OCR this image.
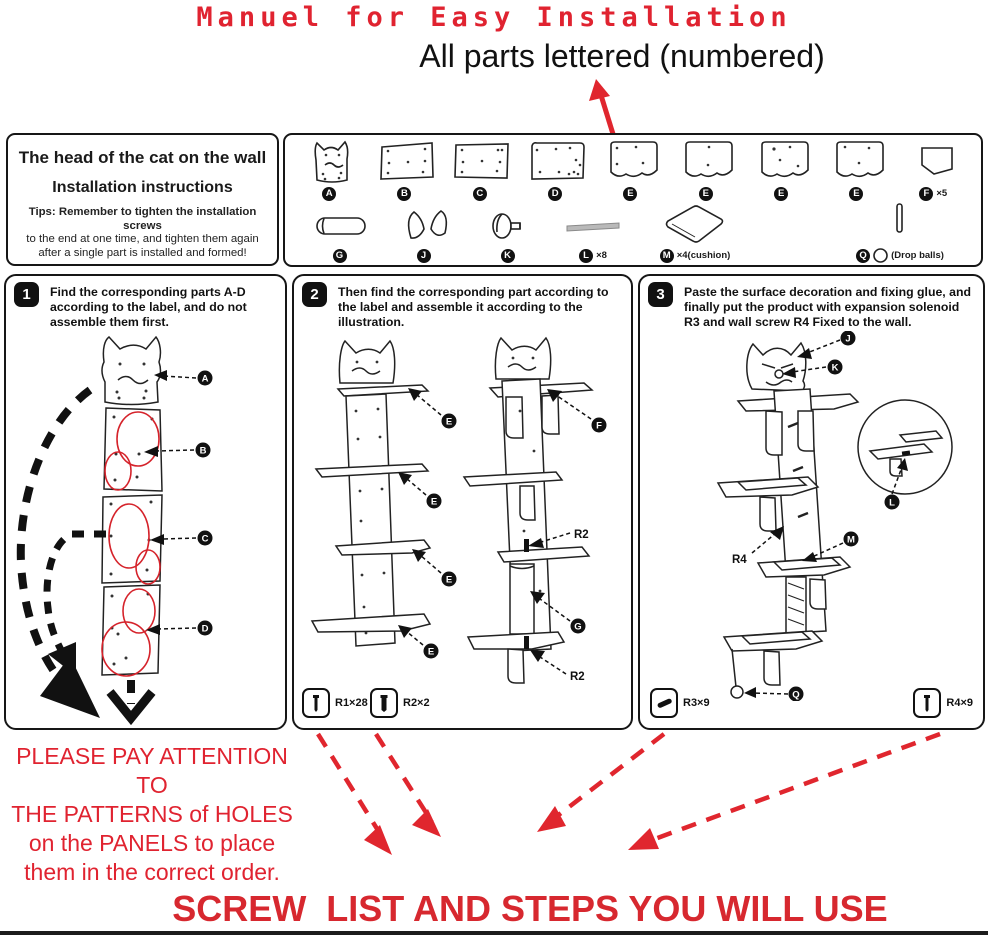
Manuel for Easy Installation
All parts lettered (numbered)
The head of the cat on the wall
Installation instructions
Tips: Remember to tighten the installation screws
to the end at one time, and tighten them again
after a single part is installed and formed!
A	B	C	D	E	E	E	E	F ×5
G	J	K	L ×8	M ×4(cushion)	Q	(Drop balls)
1	Find the corresponding parts A-D according to the label, and do not assemble them first.
A
B
C
D
2	Then find the corresponding part according to the label and assemble it according to the illustration.
E
E
E
E
F
R2
G
R2
R1×28	R2×2
3	Paste the surface decoration and fixing glue, and finally put the product with expansion solenoid R3 and wall screw R4 Fixed to the wall.
L
J
K
R4
M
Q
R3×9	R4×9
PLEASE PAY ATTENTION TO
THE PATTERNS of HOLES
on the PANELS to place
them in the correct order.
SCREW  LIST AND STEPS YOU WILL USE
